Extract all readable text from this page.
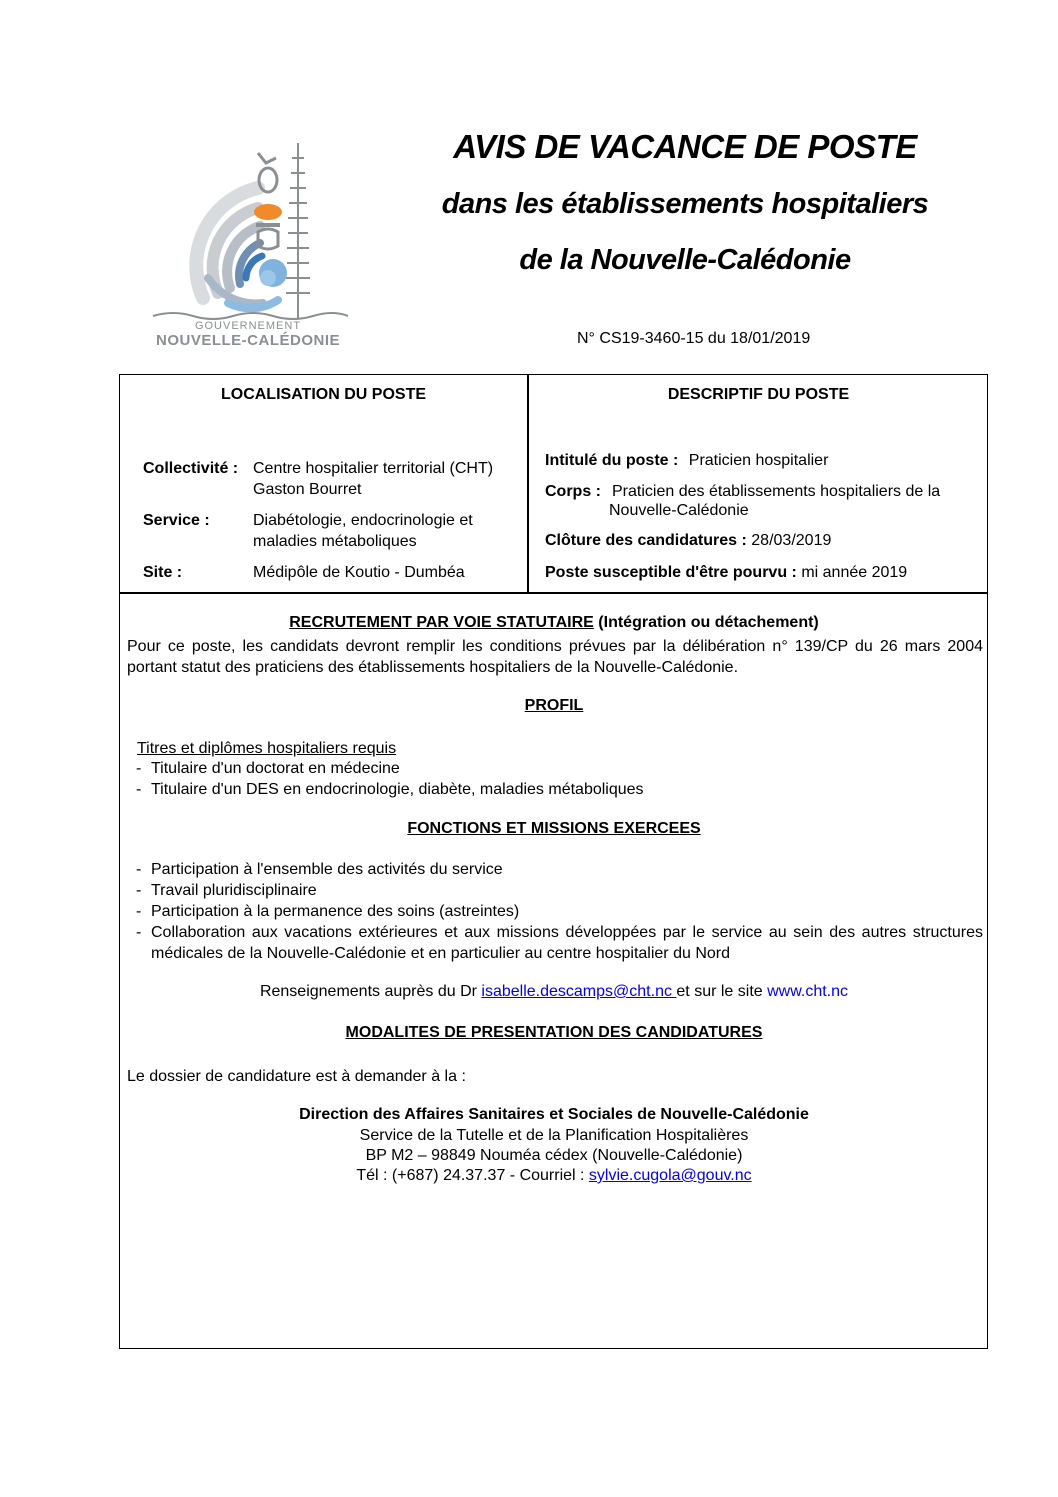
GOUVERNEMENT
NOUVELLE-CALÉDONIE
AVIS DE VACANCE DE POSTE
dans les établissements hospitaliers
de la Nouvelle-Calédonie
N° CS19-3460-15 du 18/01/2019
LOCALISATION DU POSTE
Collectivité : Centre hospitalier territorial (CHT)
Gaston Bourret
Service :	Diabétologie, endocrinologie et
maladies métaboliques
Site :	Médipôle de Koutio - Dumbéa
DESCRIPTIF DU POSTE
Intitulé du poste : Praticien hospitalier
Corps : Praticien des établissements hospitaliers de la
Nouvelle-Calédonie
Clôture des candidatures : 28/03/2019
Poste susceptible d'être pourvu : mi année 2019
RECRUTEMENT PAR VOIE STATUTAIRE (Intégration ou détachement)
Pour ce poste, les candidats devront remplir les conditions prévues par la délibération n° 139/CP du 26 mars 2004 portant statut des praticiens des établissements hospitaliers de la Nouvelle-Calédonie.
PROFIL
Titres et diplômes hospitaliers requis
- Titulaire d'un doctorat en médecine
- Titulaire d'un DES en endocrinologie, diabète, maladies métaboliques
FONCTIONS ET MISSIONS EXERCEES
- Participation à l'ensemble des activités du service
- Travail pluridisciplinaire
- Participation à la permanence des soins (astreintes)
- Collaboration aux vacations extérieures et aux missions développées par le service au sein des autres structures médicales de la Nouvelle-Calédonie et en particulier au centre hospitalier du Nord
Renseignements auprès du Dr isabelle.descamps@cht.nc et sur le site www.cht.nc
MODALITES DE PRESENTATION DES CANDIDATURES
Le dossier de candidature est à demander à la :
Direction des Affaires Sanitaires et Sociales de Nouvelle-Calédonie
Service de la Tutelle et de la Planification Hospitalières
BP M2 – 98849 Nouméa cédex (Nouvelle-Calédonie)
Tél : (+687) 24.37.37 - Courriel : sylvie.cugola@gouv.nc
